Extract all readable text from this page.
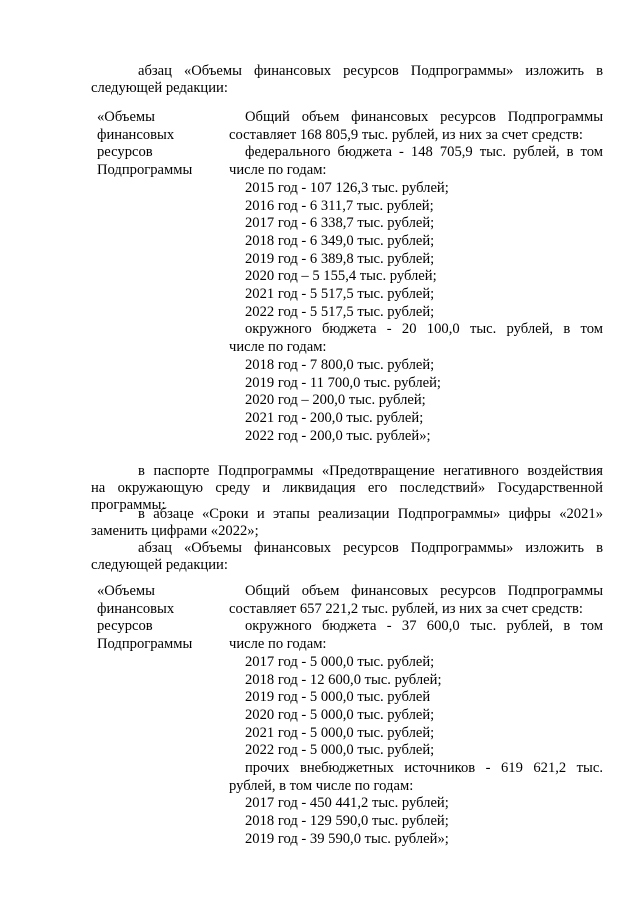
абзац «Объемы финансовых ресурсов Подпрограммы» изложить в
следующей редакции:
«Объемы
финансовых
ресурсов
Подпрограммы
Общий объем финансовых ресурсов Подпрограммы
составляет 168 805,9 тыс. рублей, из них за счет средств:
федерального бюджета - 148 705,9 тыс. рублей, в том
числе по годам:
2015 год - 107 126,3 тыс. рублей;
2016 год - 6 311,7 тыс. рублей;
2017 год - 6 338,7 тыс. рублей;
2018 год - 6 349,0 тыс. рублей;
2019 год - 6 389,8 тыс. рублей;
2020 год – 5 155,4 тыс. рублей;
2021 год - 5 517,5 тыс. рублей;
2022 год - 5 517,5 тыс. рублей;
окружного бюджета - 20 100,0 тыс. рублей, в том
числе по годам:
2018 год - 7 800,0 тыс. рублей;
2019 год - 11 700,0 тыс. рублей;
2020 год – 200,0 тыс. рублей;
2021 год - 200,0 тыс. рублей;
2022 год - 200,0 тыс. рублей»;
в паспорте Подпрограммы «Предотвращение негативного воздействия
на окружающую среду и ликвидация его последствий» Государственной
программы:
в абзаце «Сроки и этапы реализации Подпрограммы» цифры «2021»
заменить цифрами «2022»;
абзац «Объемы финансовых ресурсов Подпрограммы» изложить в
следующей редакции:
«Объемы
финансовых
ресурсов
Подпрограммы
Общий объем финансовых ресурсов Подпрограммы
составляет 657 221,2 тыс. рублей, из них за счет средств:
окружного бюджета - 37 600,0 тыс. рублей, в том
числе по годам:
2017 год - 5 000,0 тыс. рублей;
2018 год - 12 600,0 тыс. рублей;
2019 год - 5 000,0 тыс. рублей
2020 год - 5 000,0 тыс. рублей;
2021 год - 5 000,0 тыс. рублей;
2022 год - 5 000,0 тыс. рублей;
прочих внебюджетных источников - 619 621,2 тыс.
рублей, в том числе по годам:
2017 год - 450 441,2 тыс. рублей;
2018 год - 129 590,0 тыс. рублей;
2019 год - 39 590,0 тыс. рублей»;
